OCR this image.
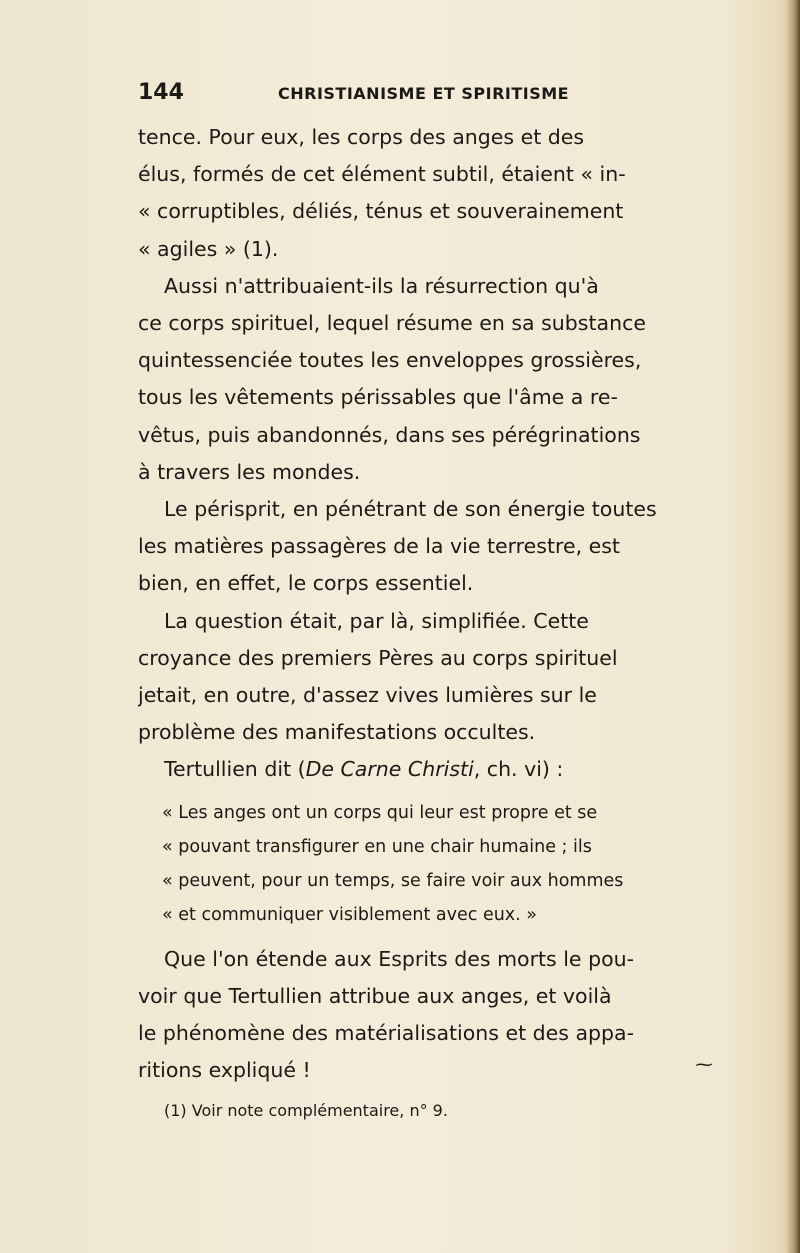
144	CHRISTIANISME ET SPIRITISME
tence. Pour eux, les corps des anges et des
élus, formés de cet élément subtil, étaient « in-
« corruptibles, déliés, ténus et souverainement
« agiles » (1).
Aussi n'attribuaient-ils la résurrection qu'à
ce corps spirituel, lequel résume en sa substance
quintessenciée toutes les enveloppes grossières,
tous les vêtements périssables que l'âme a re-
vêtus, puis abandonnés, dans ses pérégrinations
à travers les mondes.
Le périsprit, en pénétrant de son énergie toutes
les matières passagères de la vie terrestre, est
bien, en effet, le corps essentiel.
La question était, par là, simplifiée. Cette
croyance des premiers Pères au corps spirituel
jetait, en outre, d'assez vives lumières sur le
problème des manifestations occultes.
« Les anges ont un corps qui leur est propre et se
« pouvant transfigurer en une chair humaine ; ils
« peuvent, pour un temps, se faire voir aux hommes
« et communiquer visiblement avec eux. »
Que l'on étende aux Esprits des morts le pou-
voir que Tertullien attribue aux anges, et voilà
le phénomène des matérialisations et des appa-
ritions expliqué !	⁓
(1) Voir note complémentaire, n° 9.
Tertullien dit (De Carne Christi, ch. vi) :
